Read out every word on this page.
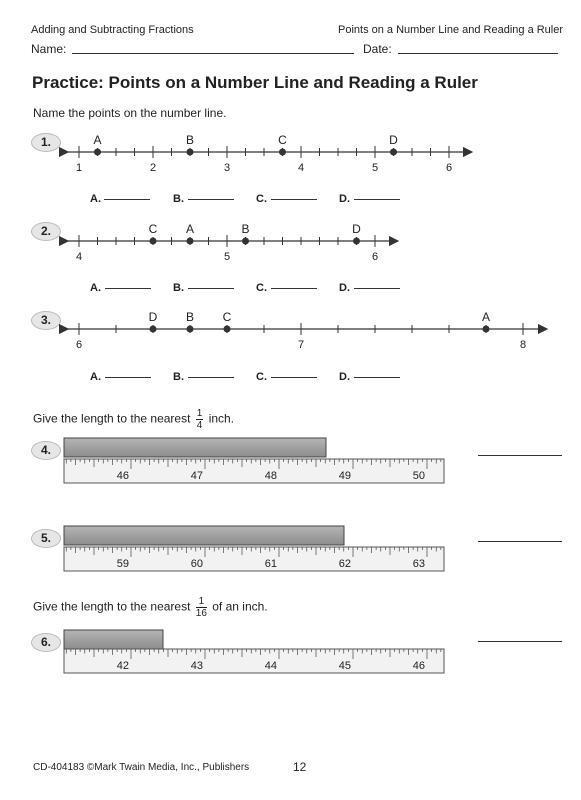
Adding and Subtracting Fractions	Points on a Number Line and Reading a Ruler
Name:	Date:
Practice: Points on a Number Line and Reading a Ruler
Name the points on the number line.
1.
2.
3.
1	2	3	4	5	6
A	B	C	D
4	5	6
C A	B	D
6	7	8
D B C	A
A.	B.	C.	D.
A.	B.	C.	D.
A.	B.	C.	D.
Give the length to the nearest $\frac{1}{4}$ inch.
4.
5.
6.
Give the length to the nearest $\frac{1}{16}$ of an inch.
46	47	48	49	50
59	60	61	62	63
42	43	44	45	46
CD-404183 ©Mark Twain Media, Inc., Publishers	12
